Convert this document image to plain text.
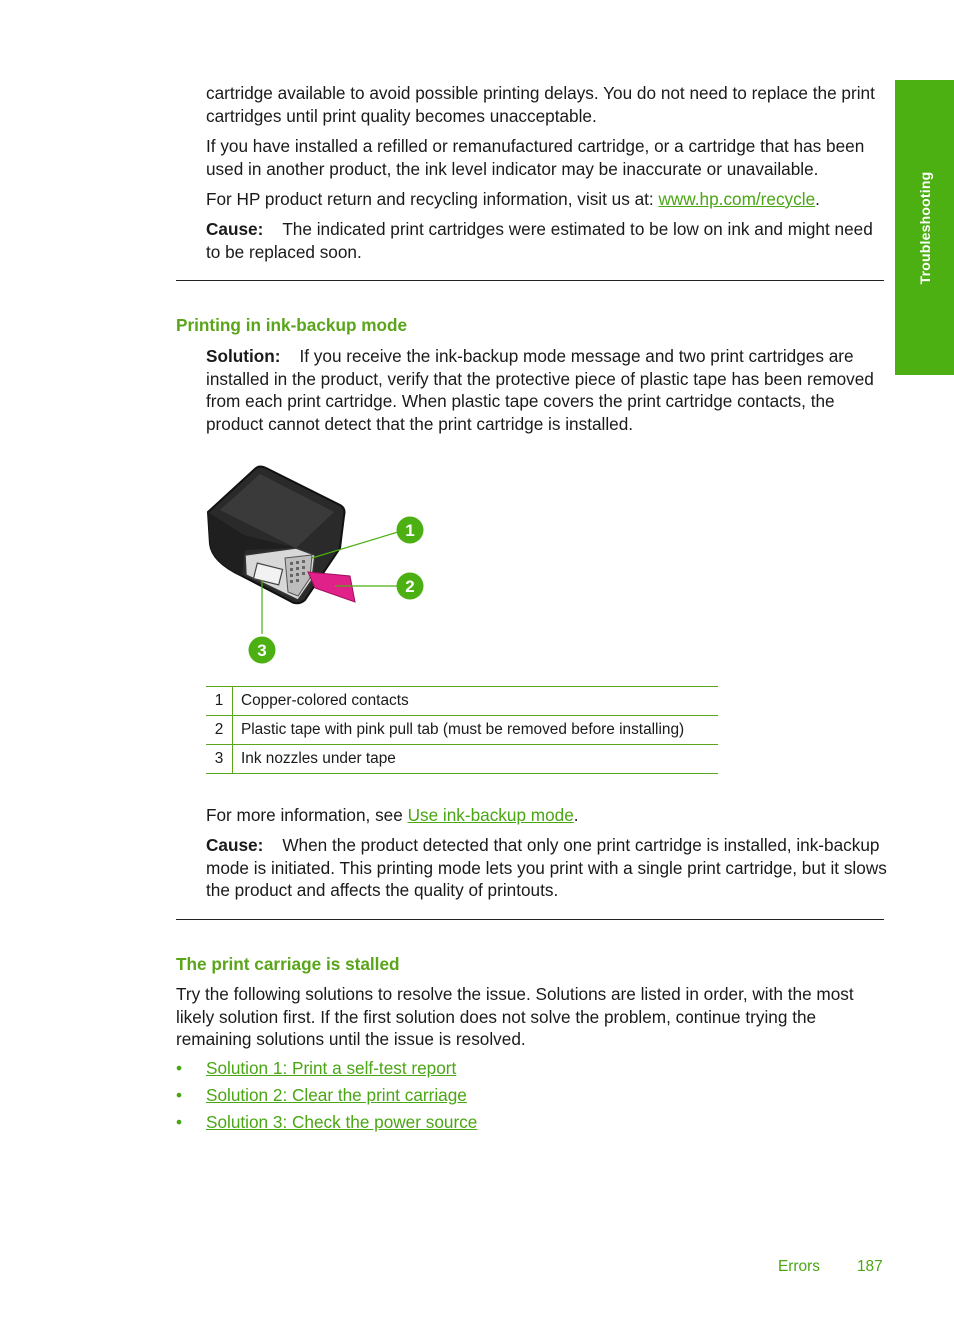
Troubleshooting

cartridge available to avoid possible printing delays. You do not need to replace the print cartridges until print quality becomes unacceptable.

If you have installed a refilled or remanufactured cartridge, or a cartridge that has been used in another product, the ink level indicator may be inaccurate or unavailable.

For HP product return and recycling information, visit us at: www.hp.com/recycle.

Cause: The indicated print cartridges were estimated to be low on ink and might need to be replaced soon.

Printing in ink-backup mode

Solution: If you receive the ink-backup mode message and two print cartridges are installed in the product, verify that the protective piece of plastic tape has been removed from each print cartridge. When plastic tape covers the print cartridge contacts, the product cannot detect that the print cartridge is installed.

1
2
3
1	Copper-colored contacts
2	Plastic tape with pink pull tab (must be removed before installing)
3	Ink nozzles under tape

For more information, see Use ink-backup mode.

Cause: When the product detected that only one print cartridge is installed, ink-backup mode is initiated. This printing mode lets you print with a single print cartridge, but it slows the product and affects the quality of printouts.

The print carriage is stalled

Try the following solutions to resolve the issue. Solutions are listed in order, with the most likely solution first. If the first solution does not solve the problem, continue trying the remaining solutions until the issue is resolved.

• Solution 1: Print a self-test report
• Solution 2: Clear the print carriage
• Solution 3: Check the power source
Errors 187
